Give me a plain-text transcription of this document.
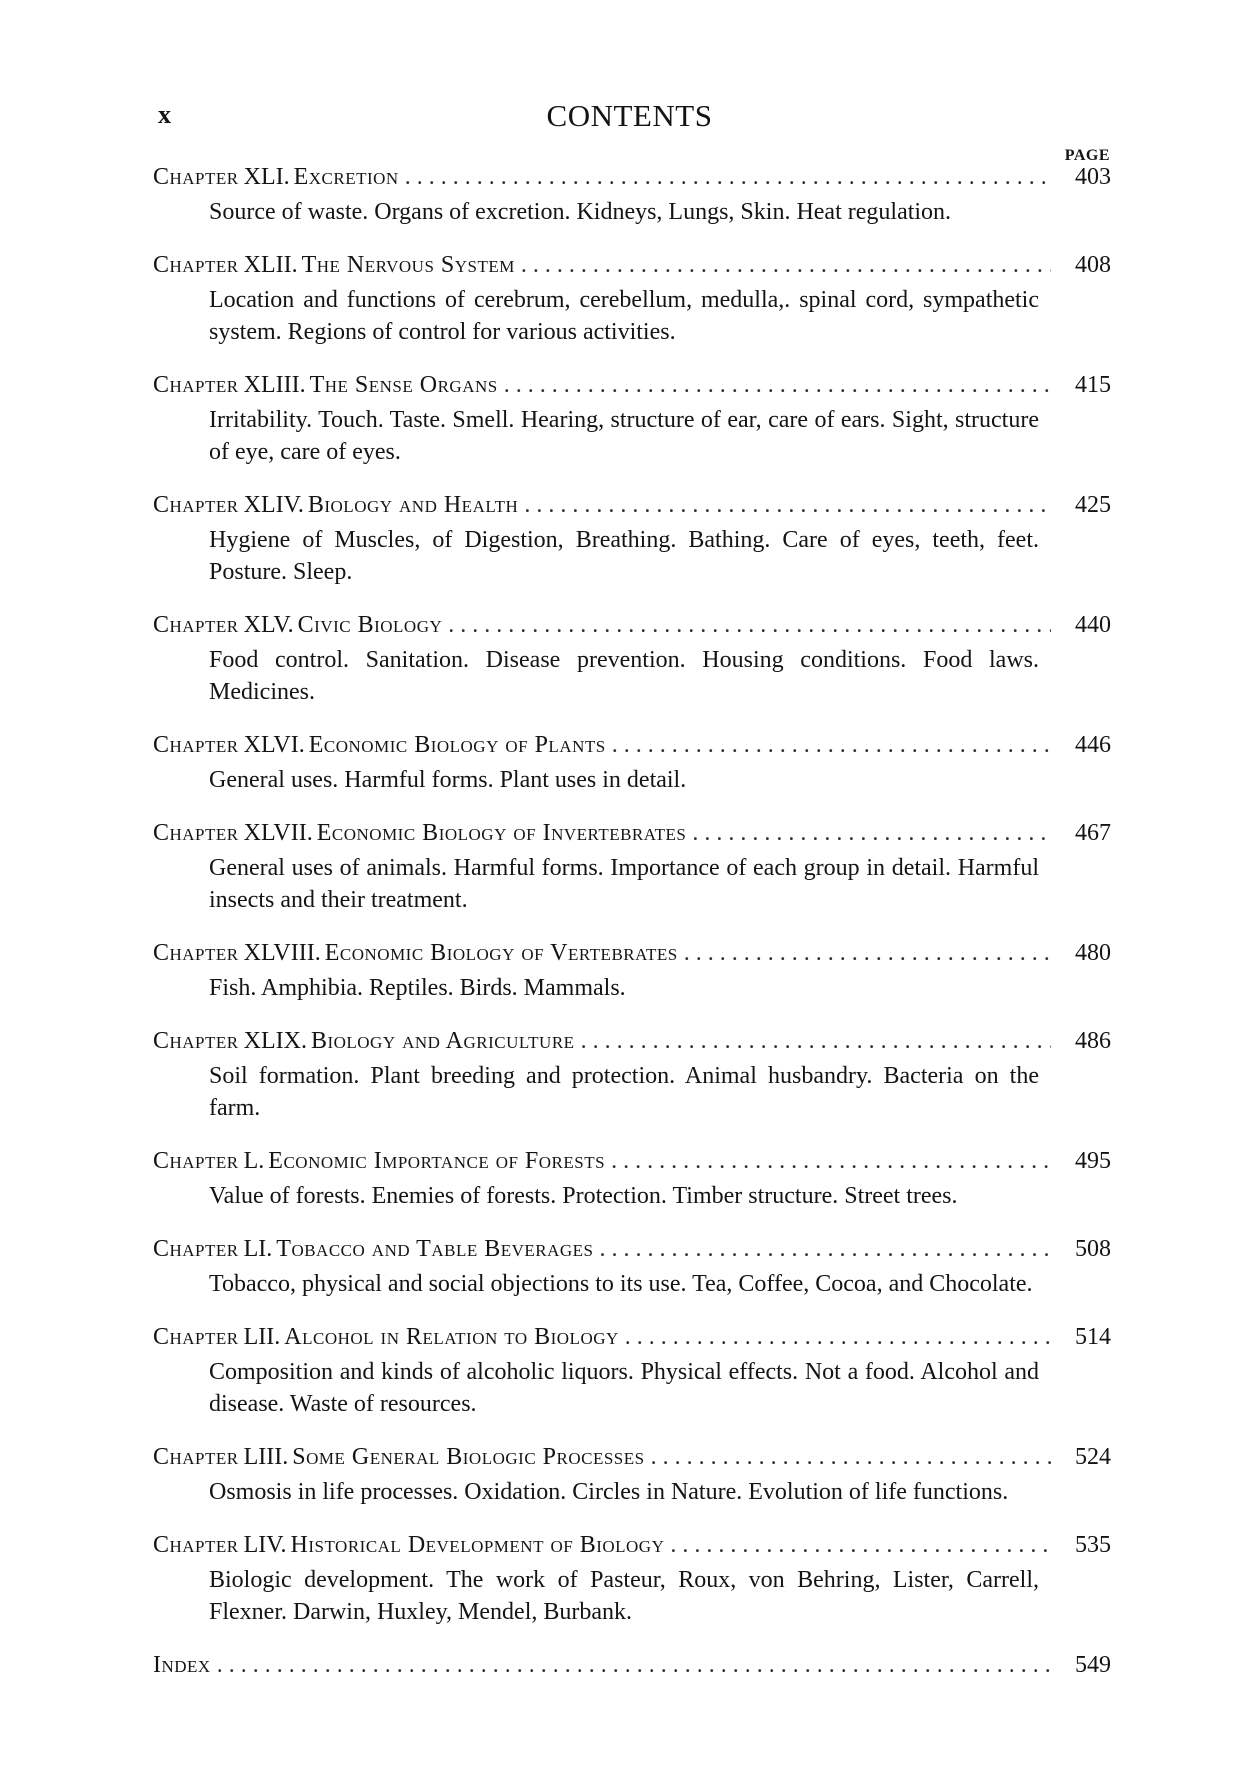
x	CONTENTS
PAGE
Chapter XLI. Excretion . . .	403
Source of waste. Organs of excretion. Kidneys, Lungs, Skin. Heat regulation.
Chapter XLII. The Nervous System . . .	408
Location and functions of cerebrum, cerebellum, medulla,. spinal cord, sympathetic system. Regions of control for various activities.
Chapter XLIII. The Sense Organs . . .	415
Irritability. Touch. Taste. Smell. Hearing, structure of ear, care of ears. Sight, structure of eye, care of eyes.
Chapter XLIV. Biology and Health . . .	425
Hygiene of Muscles, of Digestion, Breathing. Bathing. Care of eyes, teeth, feet. Posture. Sleep.
Chapter XLV. Civic Biology . . .	440
Food control. Sanitation. Disease prevention. Housing conditions. Food laws. Medicines.
Chapter XLVI. Economic Biology of Plants . . .	446
General uses. Harmful forms. Plant uses in detail.
Chapter XLVII. Economic Biology of Invertebrates . . .	467
General uses of animals. Harmful forms. Importance of each group in detail. Harmful insects and their treatment.
Chapter XLVIII. Economic Biology of Vertebrates . . .	480
Fish. Amphibia. Reptiles. Birds. Mammals.
Chapter XLIX. Biology and Agriculture . . .	486
Soil formation. Plant breeding and protection. Animal husbandry. Bacteria on the farm.
Chapter L. Economic Importance of Forests . . .	495
Value of forests. Enemies of forests. Protection. Timber structure. Street trees.
Chapter LI. Tobacco and Table Beverages . . .	508
Tobacco, physical and social objections to its use. Tea, Coffee, Cocoa, and Chocolate.
Chapter LII. Alcohol in Relation to Biology . . .	514
Composition and kinds of alcoholic liquors. Physical effects. Not a food. Alcohol and disease. Waste of resources.
Chapter LIII. Some General Biologic Processes . . .	524
Osmosis in life processes. Oxidation. Circles in Nature. Evolution of life functions.
Chapter LIV. Historical Development of Biology . . .	535
Biologic development. The work of Pasteur, Roux, von Behring, Lister, Carrell, Flexner. Darwin, Huxley, Mendel, Burbank.
Index . . .	549
